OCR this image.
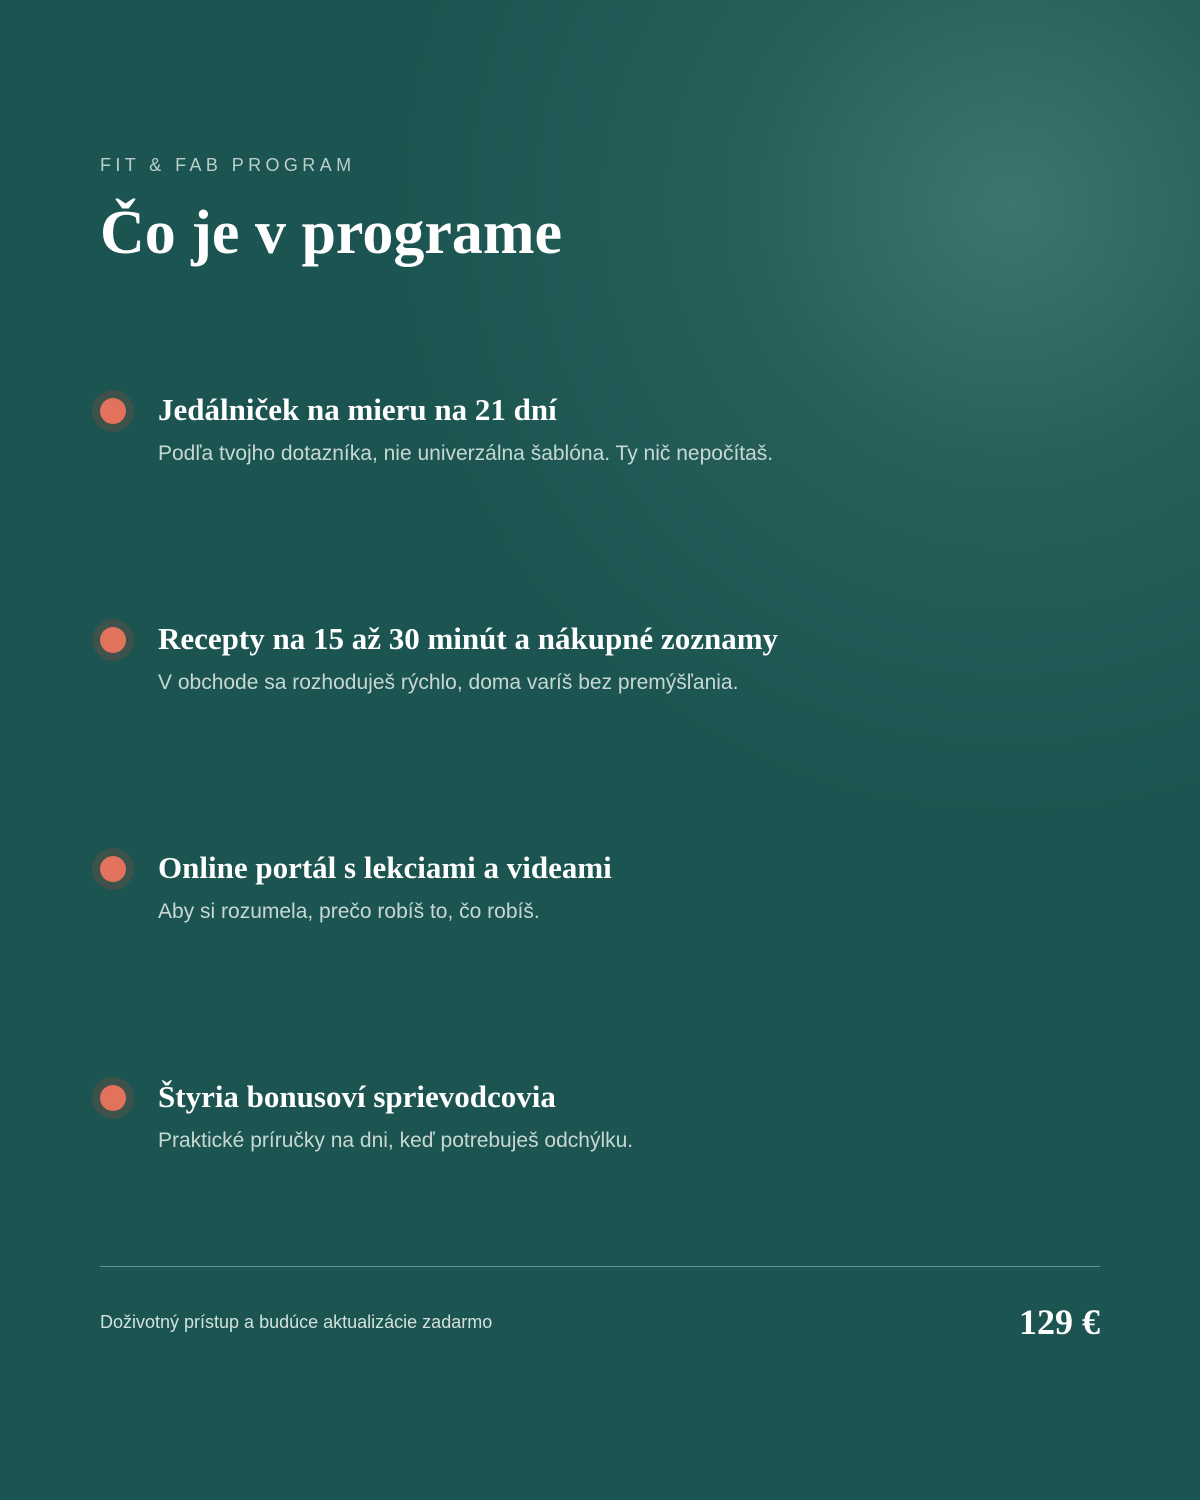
FIT & FAB PROGRAM
Čo je v programe
Jedálniček na mieru na 21 dní

Podľa tvojho dotazníka, nie univerzálna šablóna. Ty nič nepočítaš.

Recepty na 15 až 30 minút a nákupné zoznamy

V obchode sa rozhoduješ rýchlo, doma varíš bez premýšľania.

Online portál s lekciami a videami

Aby si rozumela, prečo robíš to, čo robíš.

Štyria bonusoví sprievodcovia

Praktické príručky na dni, keď potrebuješ odchýlku.

Doživotný prístup a budúce aktualizácie zadarmo	129 €
